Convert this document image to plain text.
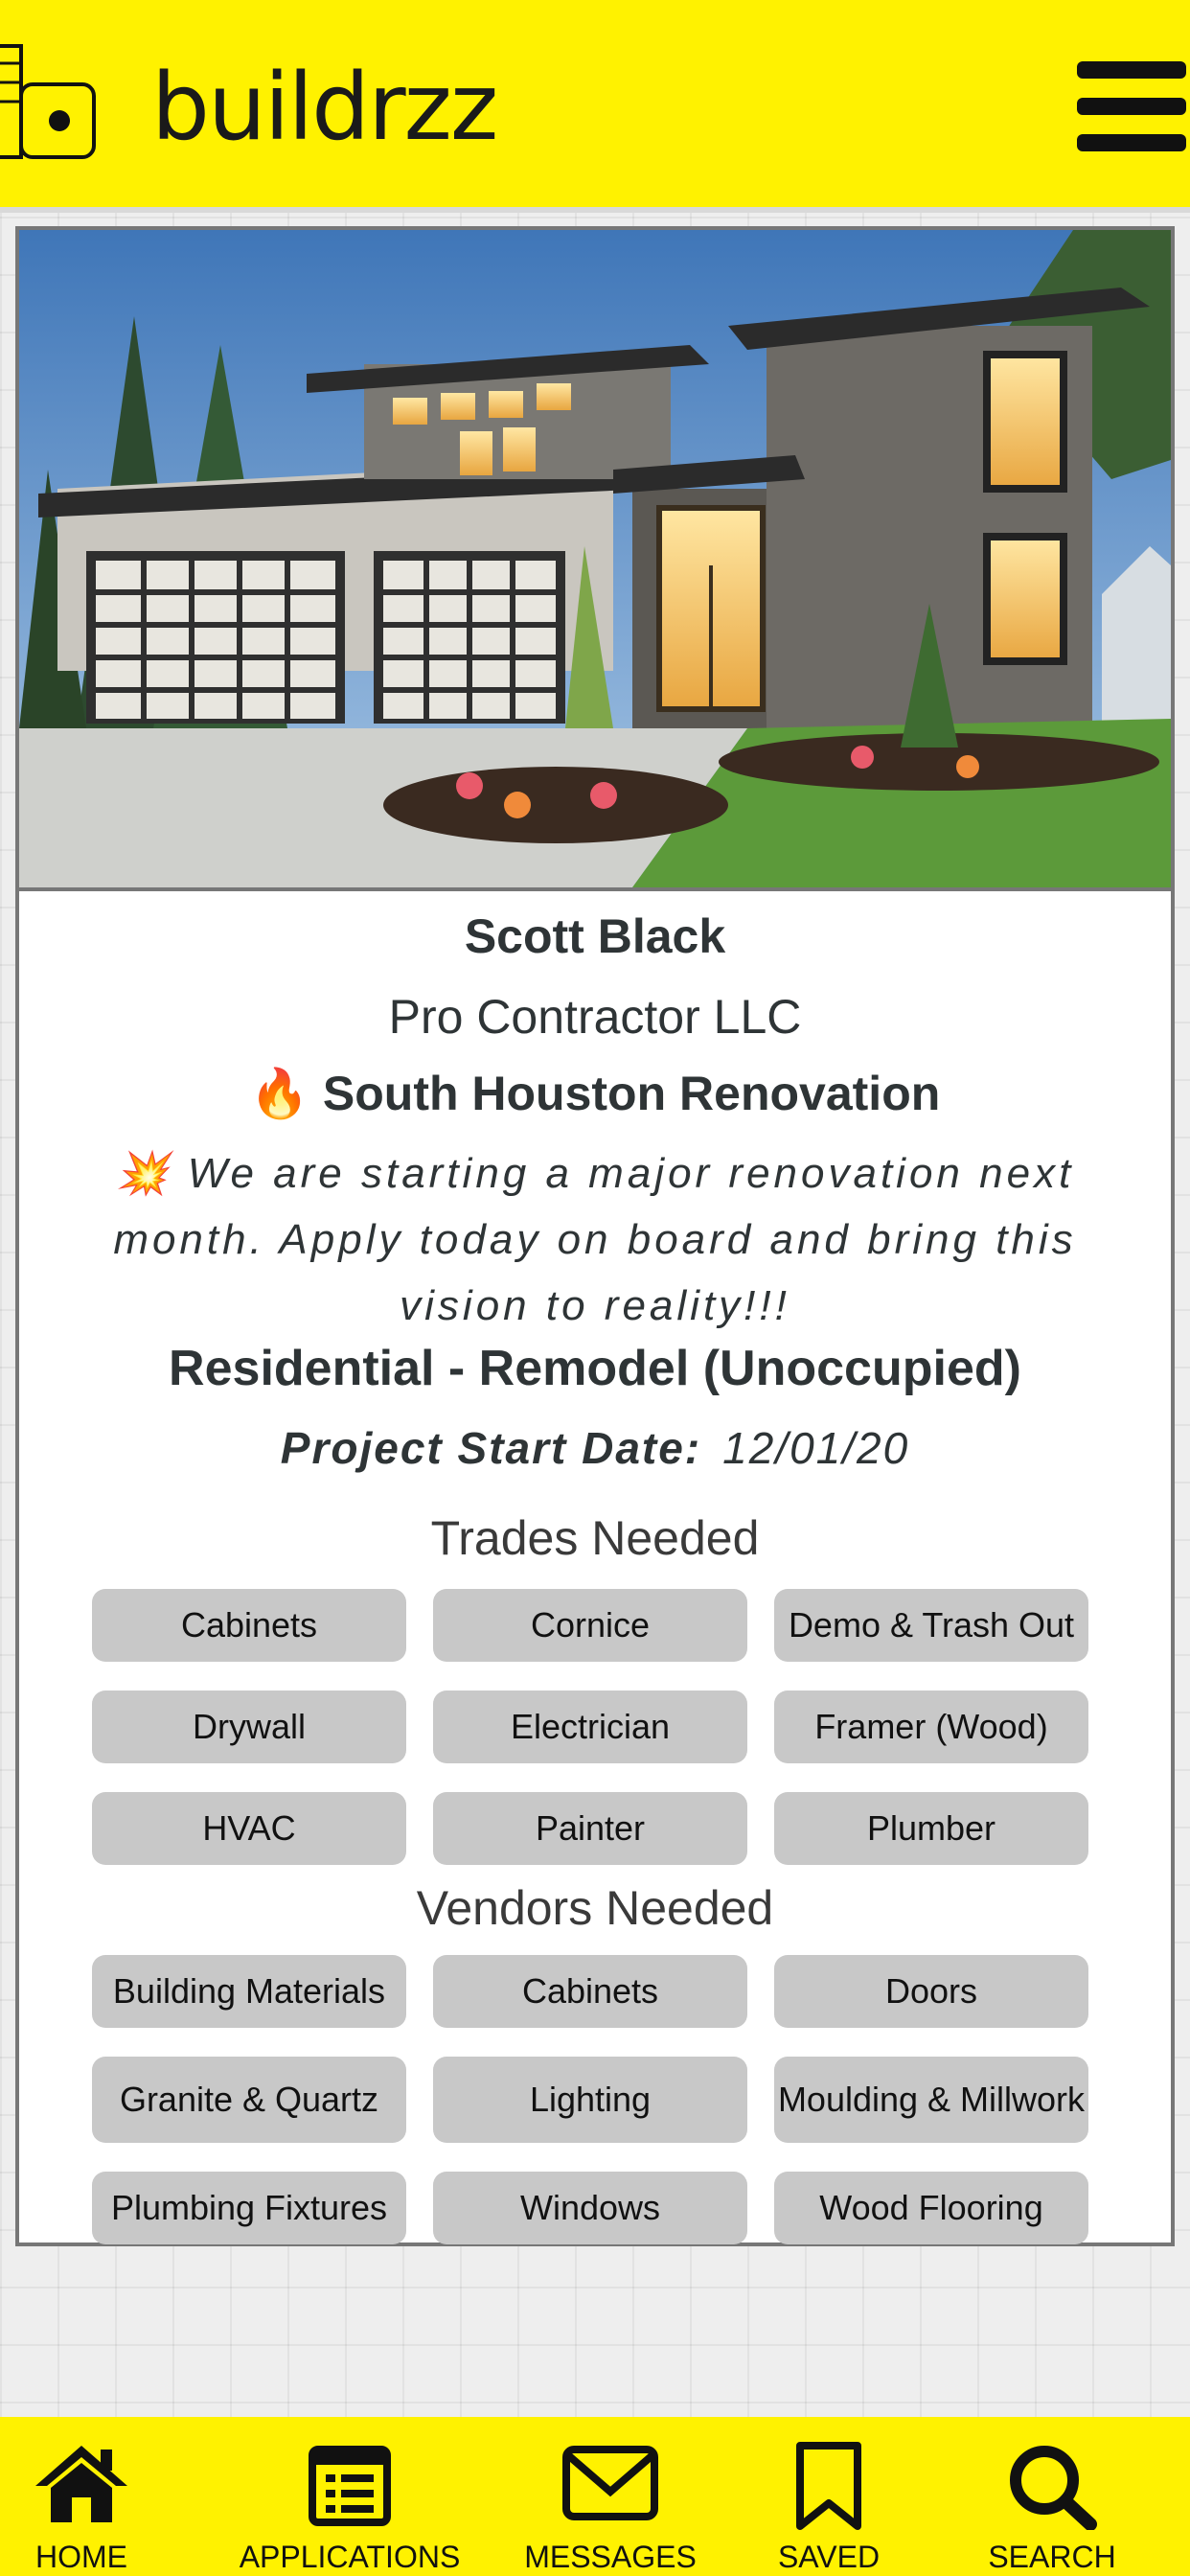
buildrzz
Scott Black
Pro Contractor LLC
🔥 South Houston Renovation
💥 We are starting a major renovation next month. Apply today on board and bring this vision to reality!!!
Residential - Remodel (Unoccupied)
Project Start Date: 12/01/20
Trades Needed
Cabinets	Cornice	Demo & Trash Out
Drywall	Electrician	Framer (Wood)
HVAC	Painter	Plumber
Vendors Needed
Building Materials	Cabinets	Doors
Granite & Quartz	Lighting	Moulding & Millwork
Plumbing Fixtures	Windows	Wood Flooring
HOME	APPLICATIONS MESSAGES	SAVED	SEARCH
